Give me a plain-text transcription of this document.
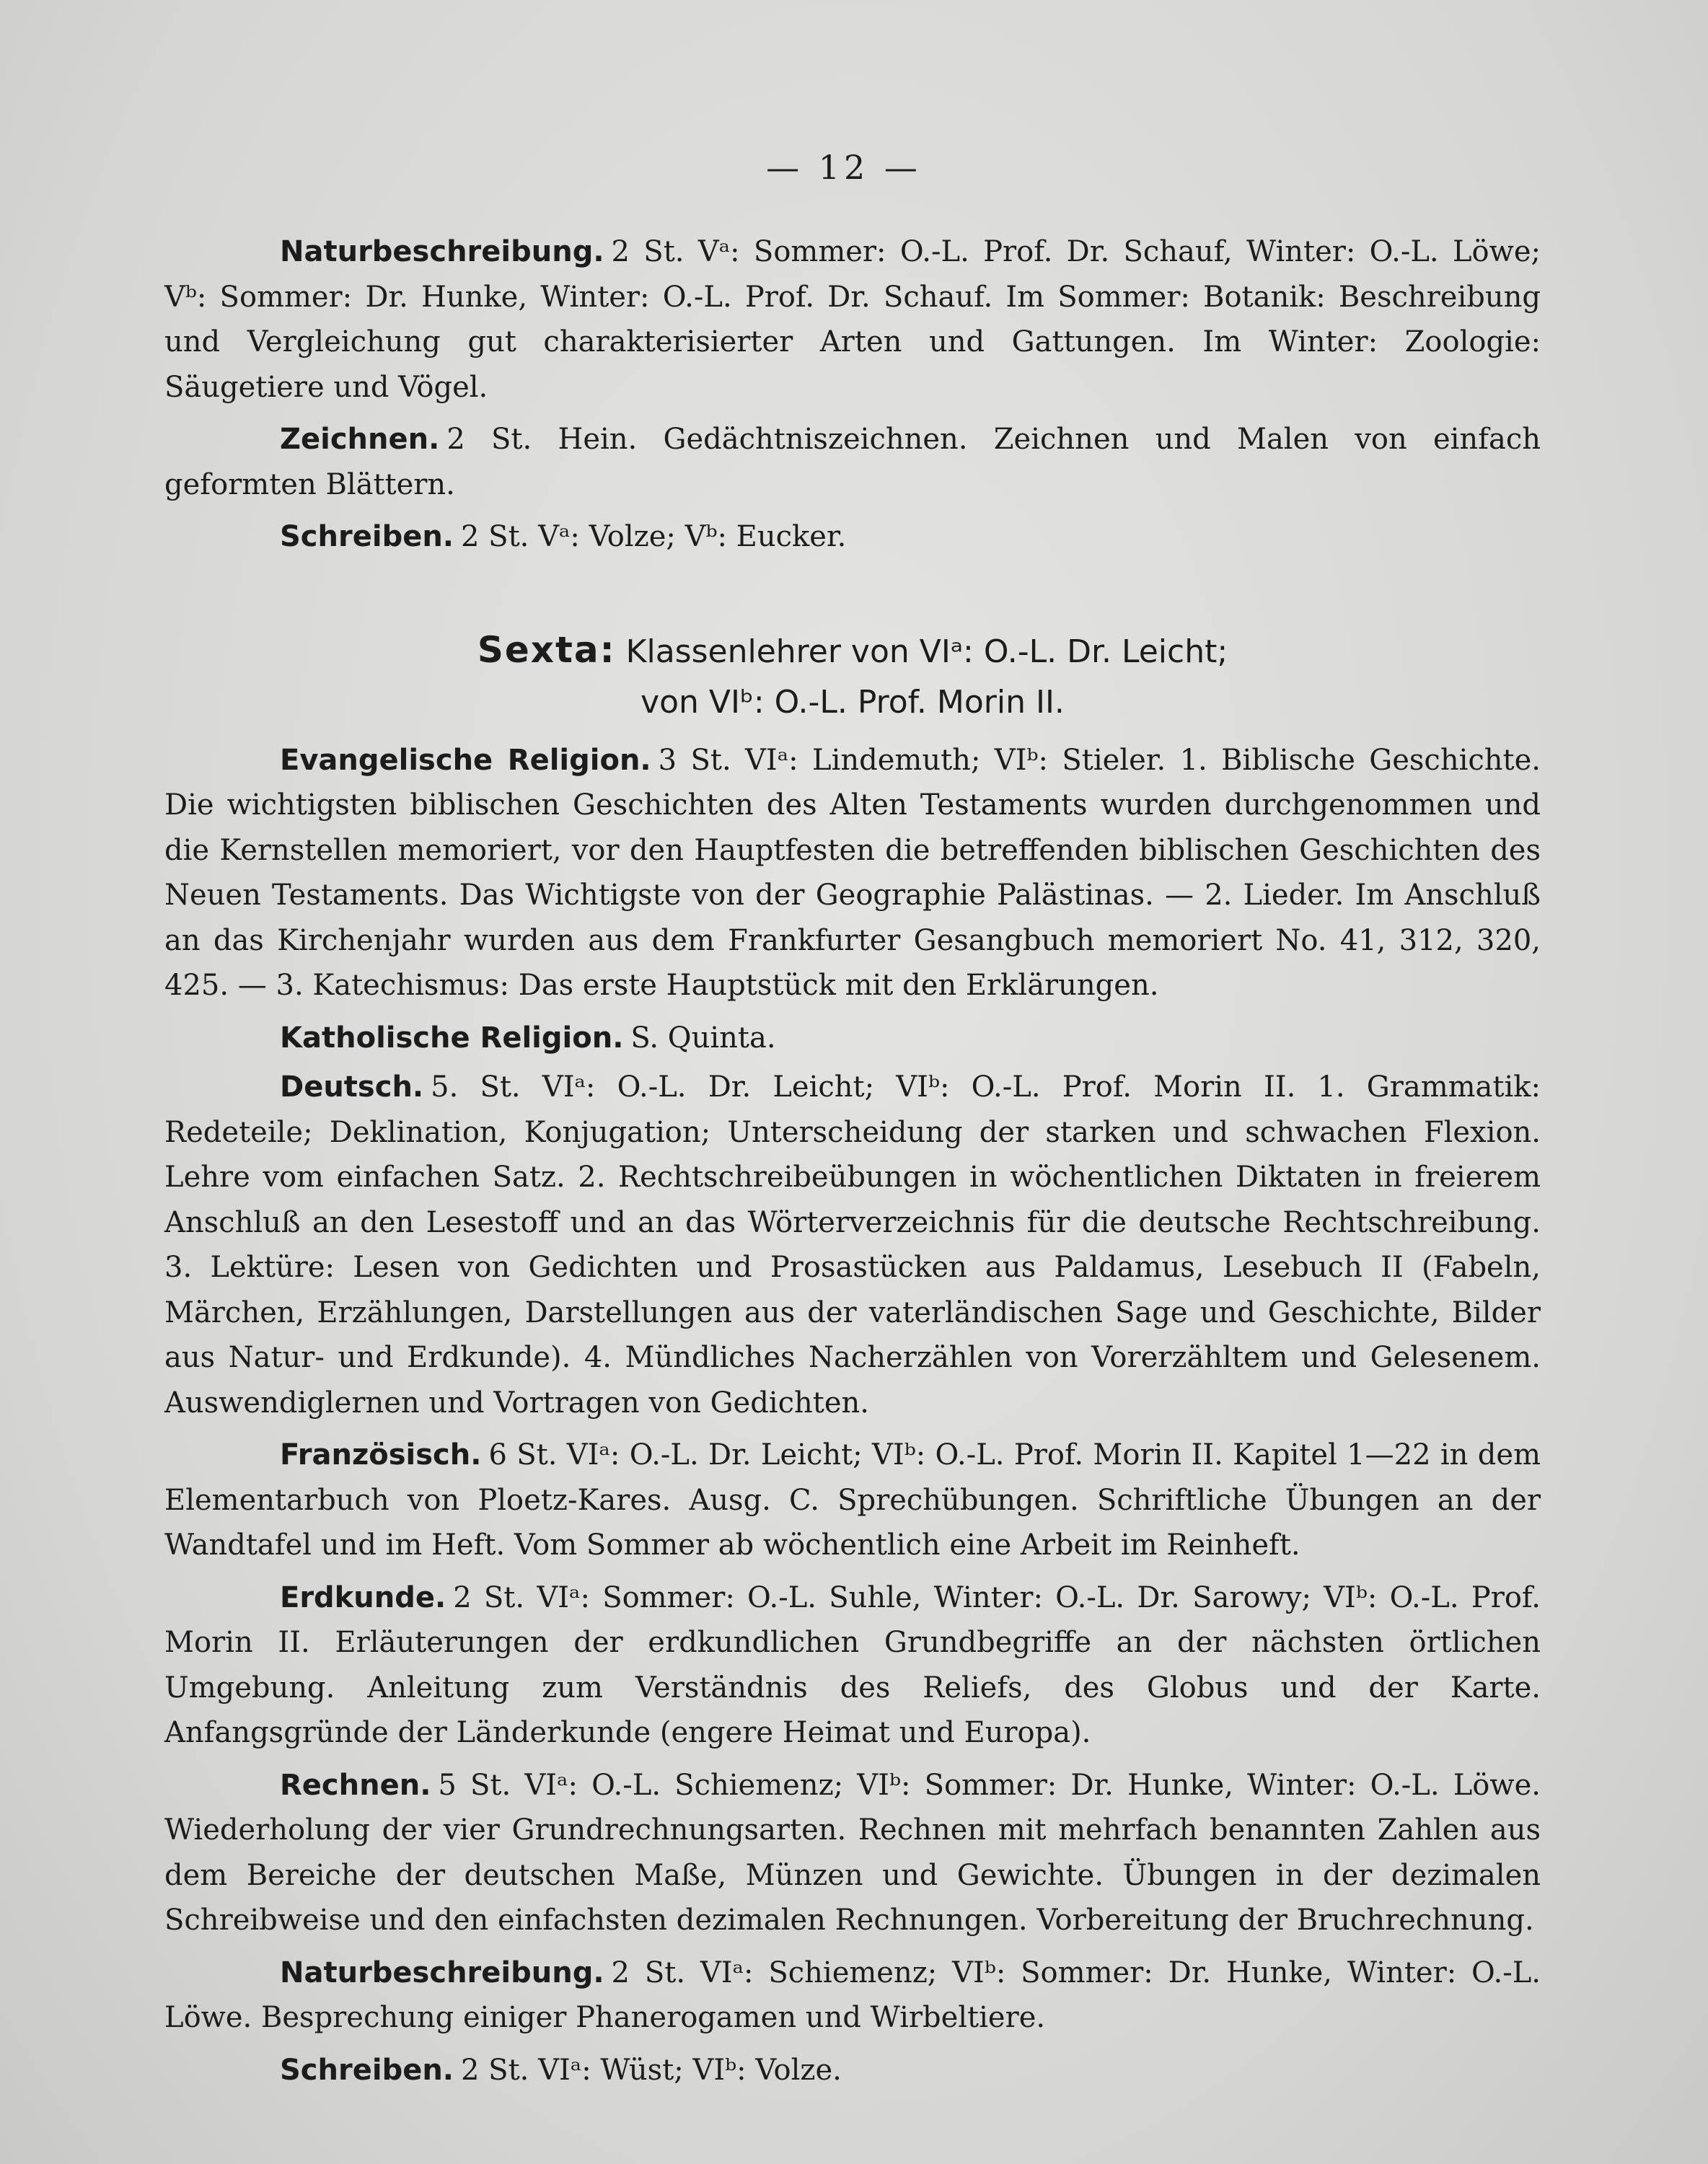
— 12 —

Naturbeschreibung. 2 St. Vᵃ: Sommer: O.-L. Prof. Dr. Schauf, Winter: O.-L. Löwe; Vᵇ: Sommer: Dr. Hunke, Winter: O.-L. Prof. Dr. Schauf. Im Sommer: Botanik: Beschreibung und Vergleichung gut charakterisierter Arten und Gattungen. Im Winter: Zoologie: Säugetiere und Vögel.

Zeichnen. 2 St. Hein. Gedächtniszeichnen. Zeichnen und Malen von einfach geformten Blättern.

Schreiben. 2 St. Vᵃ: Volze; Vᵇ: Eucker.

Sexta: Klassenlehrer von VIᵃ: O.-L. Dr. Leicht;
von VIᵇ: O.-L. Prof. Morin II.

Evangelische Religion. 3 St. VIᵃ: Lindemuth; VIᵇ: Stieler. 1. Biblische Geschichte. Die wichtigsten biblischen Geschichten des Alten Testaments wurden durchgenommen und die Kernstellen memoriert, vor den Hauptfesten die betreffenden biblischen Geschichten des Neuen Testaments. Das Wichtigste von der Geographie Palästinas. — 2. Lieder. Im Anschluß an das Kirchenjahr wurden aus dem Frankfurter Gesangbuch memoriert No. 41, 312, 320, 425. — 3. Katechismus: Das erste Hauptstück mit den Erklärungen.

Katholische Religion. S. Quinta.

Deutsch. 5. St. VIᵃ: O.-L. Dr. Leicht; VIᵇ: O.-L. Prof. Morin II. 1. Grammatik: Redeteile; Deklination, Konjugation; Unterscheidung der starken und schwachen Flexion. Lehre vom einfachen Satz. 2. Rechtschreibeübungen in wöchentlichen Diktaten in freierem Anschluß an den Lesestoff und an das Wörterverzeichnis für die deutsche Rechtschreibung. 3. Lektüre: Lesen von Gedichten und Prosastücken aus Paldamus, Lesebuch II (Fabeln, Märchen, Erzählungen, Darstellungen aus der vaterländischen Sage und Geschichte, Bilder aus Natur- und Erdkunde). 4. Mündliches Nacherzählen von Vorerzähltem und Gelesenem. Auswendiglernen und Vortragen von Gedichten.

Französisch. 6 St. VIᵃ: O.-L. Dr. Leicht; VIᵇ: O.-L. Prof. Morin II. Kapitel 1—22 in dem Elementarbuch von Ploetz-Kares. Ausg. C. Sprechübungen. Schriftliche Übungen an der Wandtafel und im Heft. Vom Sommer ab wöchentlich eine Arbeit im Reinheft.

Erdkunde. 2 St. VIᵃ: Sommer: O.-L. Suhle, Winter: O.-L. Dr. Sarowy; VIᵇ: O.-L. Prof. Morin II. Erläuterungen der erdkundlichen Grundbegriffe an der nächsten örtlichen Umgebung. Anleitung zum Verständnis des Reliefs, des Globus und der Karte. Anfangsgründe der Länderkunde (engere Heimat und Europa).

Rechnen. 5 St. VIᵃ: O.-L. Schiemenz; VIᵇ: Sommer: Dr. Hunke, Winter: O.-L. Löwe. Wiederholung der vier Grundrechnungsarten. Rechnen mit mehrfach benannten Zahlen aus dem Bereiche der deutschen Maße, Münzen und Gewichte. Übungen in der dezimalen Schreibweise und den einfachsten dezimalen Rechnungen. Vorbereitung der Bruchrechnung.

Naturbeschreibung. 2 St. VIᵃ: Schiemenz; VIᵇ: Sommer: Dr. Hunke, Winter: O.-L. Löwe. Besprechung einiger Phanerogamen und Wirbeltiere.

Schreiben. 2 St. VIᵃ: Wüst; VIᵇ: Volze.
